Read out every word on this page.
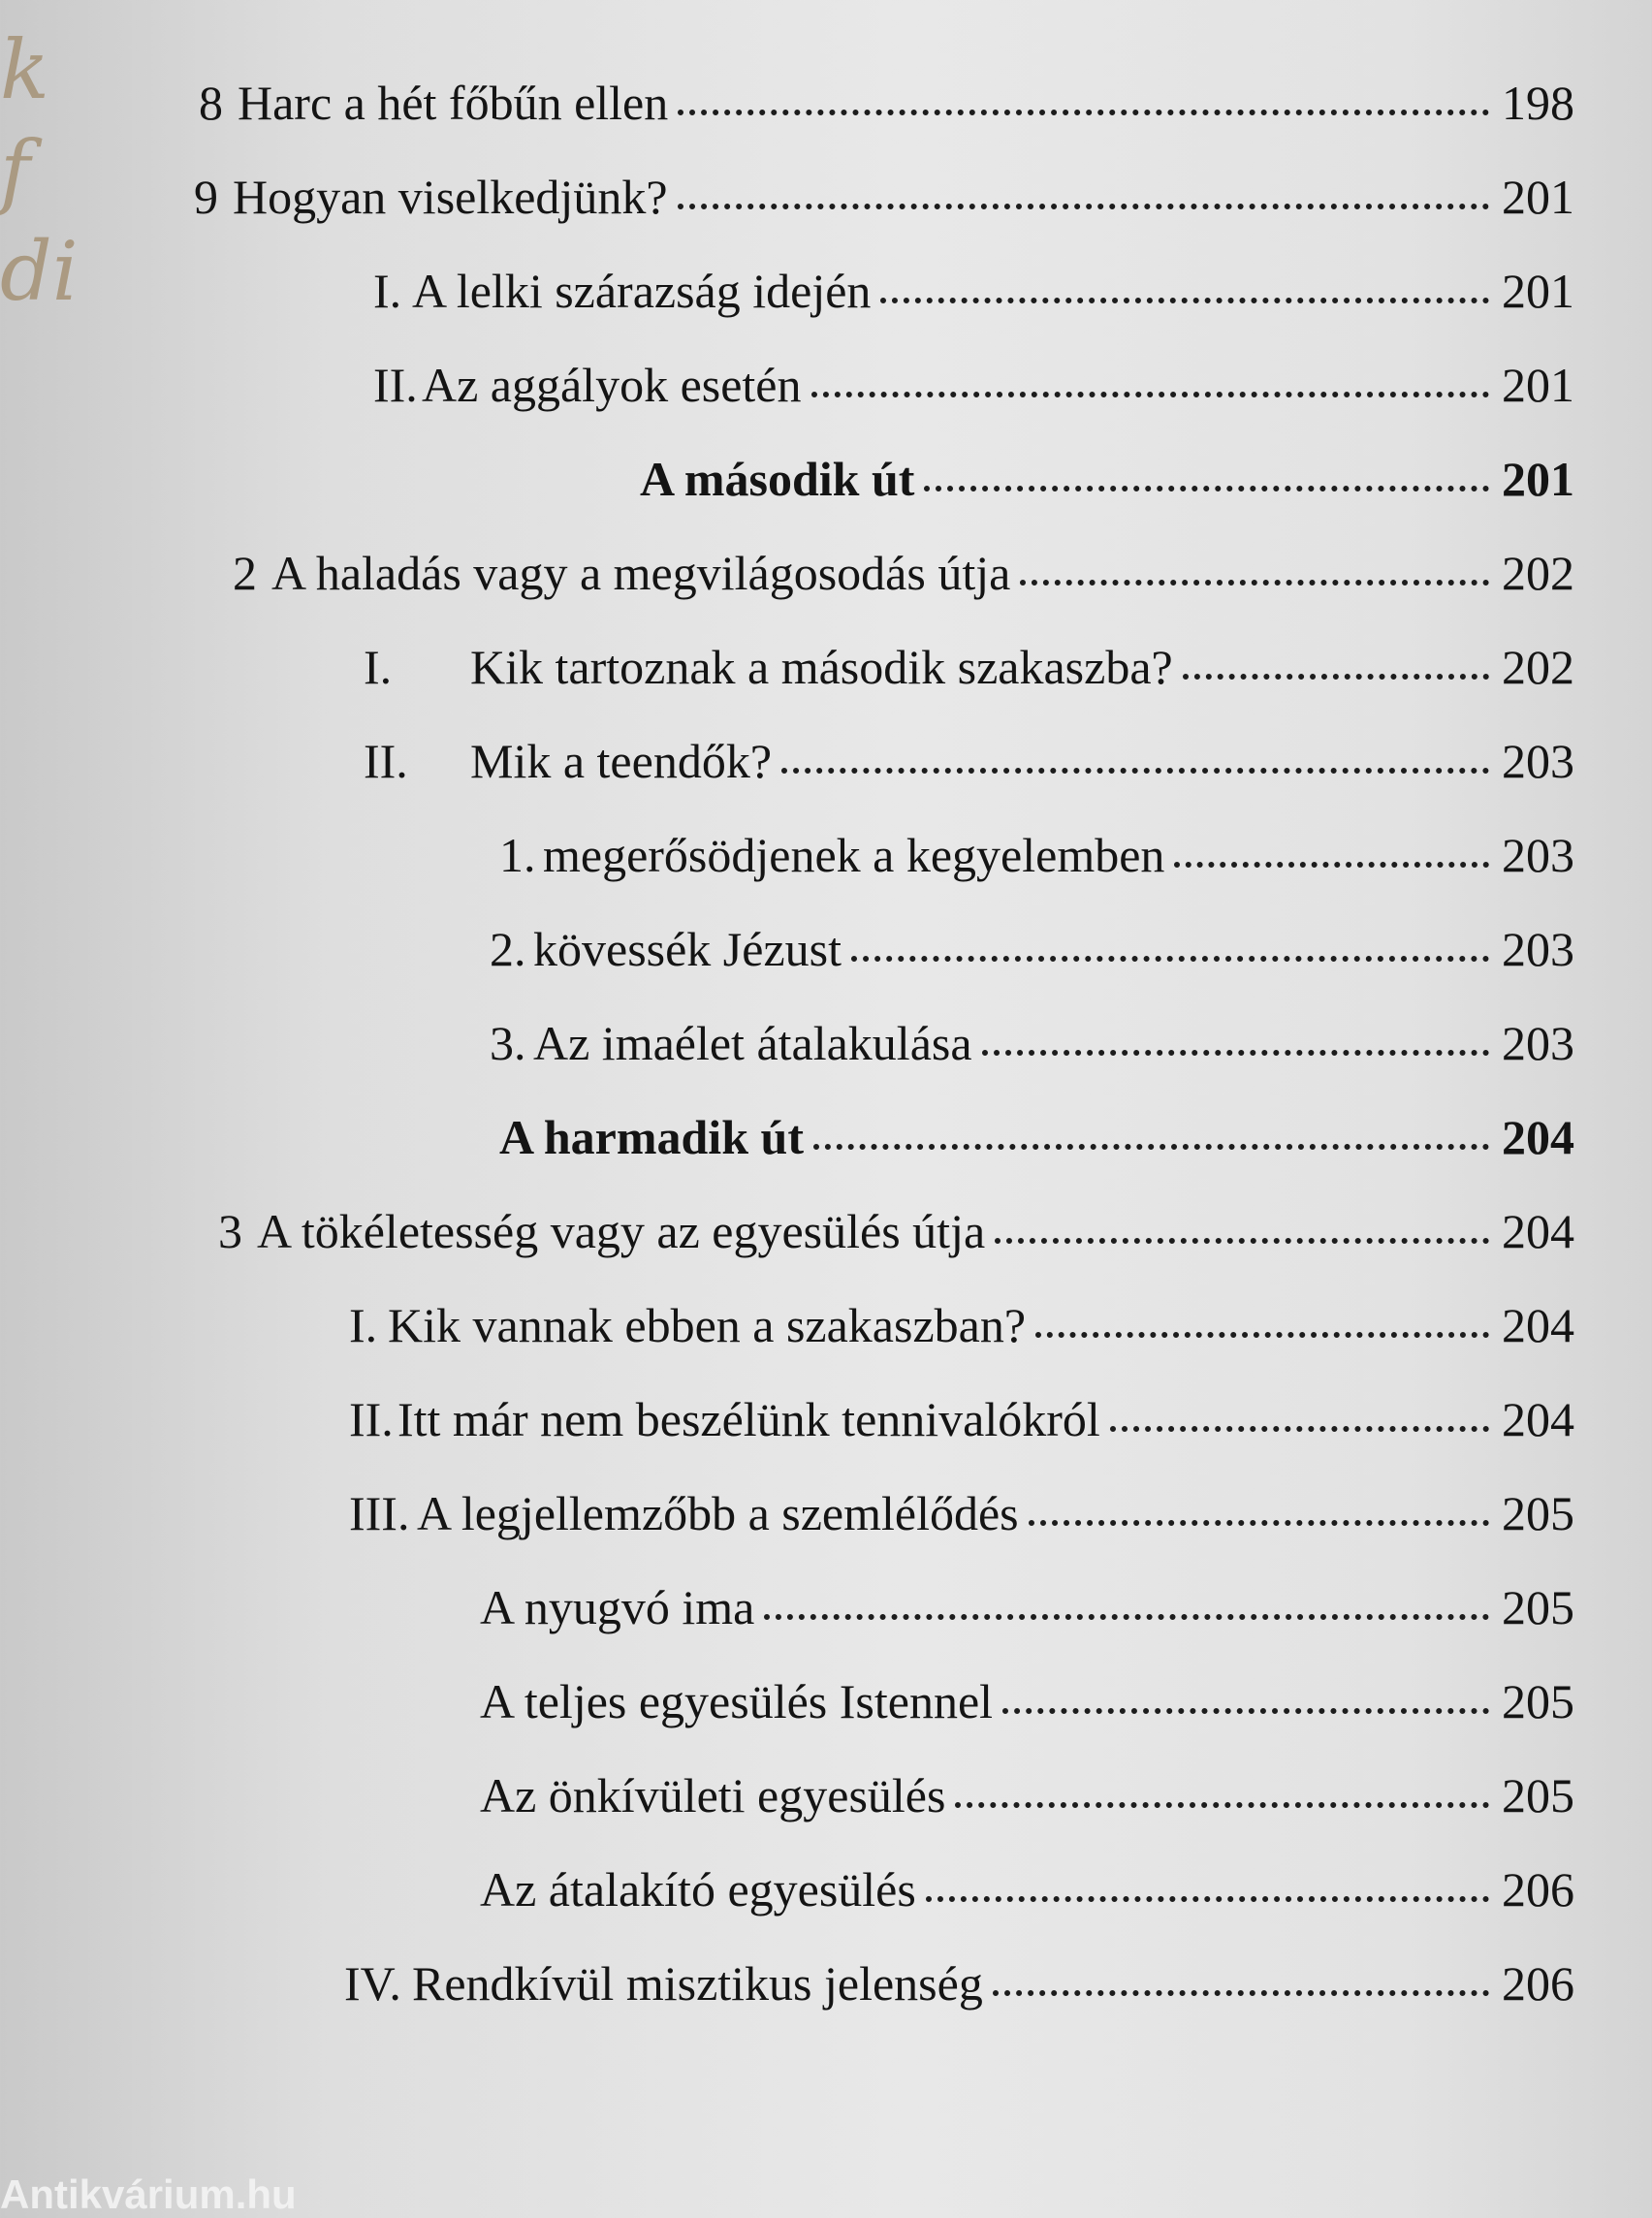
k
f
di
8 Harc a hét főbűn ellen	198
9 Hogyan viselkedjünk?	201
I. A lelki szárazság idején	201
II. Az aggályok esetén	201
A második út	201
2 A haladás vagy a megvilágosodás útja	202
I.	Kik tartoznak a második szakaszba?	202
II.	Mik a teendők?	203
1. megerősödjenek a kegyelemben	203
2. kövessék Jézust	203
3. Az imaélet átalakulása	203
A harmadik út	204
3 A tökéletesség vagy az egyesülés útja	204
I. Kik vannak ebben a szakaszban?	204
II. Itt már nem beszélünk tennivalókról	204
III. A legjellemzőbb a szemlélődés	205
A nyugvó ima	205
A teljes egyesülés Istennel	205
Az önkívületi egyesülés	205
Az átalakító egyesülés	206
IV. Rendkívül misztikus jelenség	206
Antikvárium.hu
